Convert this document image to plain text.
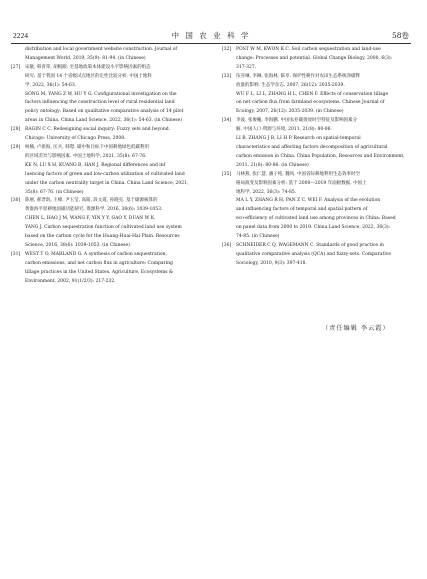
2224	中 国 农 业 科 学	58卷
distribution and local government website construction. Journal of
Management World, 2019, 35(9): 81-94. (in Chinese)
[27] 宋敏, 韩青荣, 胡根跟. 宅基地政策本体建设水平影响因素的组态
研究: 基于我国 14 个省级试点地区的定性比较分析. 中国土地科
学, 2022, 36(1): 54-63.
SONG M, YANG Z W, HU Y G. Configurational investigation on the
factors influencing the construction level of rural residential land
policy ontology: Based on qualitative comparative analysis of 14 pilot
areas in China. China Land Science, 2022, 36(1): 54-63. (in Chinese)
[28] RAGIN C C. Redesigning social inquiry: Fuzzy sets and beyond.
Chicago: University of Chicago Press, 2008.
[29] 柯楠, 卢新海, 匡兵, 韩璟. 碳中和目标下中国耕地绿色低碳利用
的区域差异与影响因素. 中国土地科学, 2021, 35(8): 67-76.
KE N, LU X H, KUANG B, HAN J. Regional differences and inf
luencing factors of green and low-carbon utilization of cultivated land
under the carbon neutrality target in China. China Land Science, 2021,
35(8): 67-76. (in Chinese)
[30] 陈展, 郝晋珉, 王峰, 尹玉莹, 高阳, 段文霞, 孙晓克. 基于碳源核算的
黄淮海平原耕地固碳功能研究. 资源科学, 2016, 38(6): 1039-1053.
CHEN L, HAO J M, WANG F, YIN Y Y, GAO Y, DUAN W K,
YANG J. Carbon sequestration function of cultivated land use system
based on the carbon cycle for the Huang-Huai-Hai Plain. Resources
Science, 2016, 38(6): 1039-1053. (in Chinese)
[31] WEST T O, MARLAND G. A synthesis of carbon sequestration,
carbon emissions, and net carbon flux in agriculture: Comparing
tillage practices in the United States. Agriculture, Ecosystems &
Environment, 2002, 91(1/2/3): 217-232.
[32] POST W M, KWON K C. Soil carbon sequestration and land-use
change: Processes and potential. Global Change Biology, 2000, 6(3):
317-327.
[33] 伍芬琳, 李琳, 张海林, 陈阜. 保护性耕作对农田生态系统净碳释
放量的影响. 生态学杂志, 2007, 26(12): 2035-2039.
WU F L, LI L, ZHANG H L, CHEN F. Effects of conservation tillage
on net carbon flux from farmland ecosystems. Chinese Journal of
Ecology, 2007, 26(12): 2035-2039. (in Chinese)
[34] 李波, 张俊飚, 李海鹏. 中国农业碳排放时空特征及影响因素分
解. 中国人口·资源与环境, 2011, 21(8): 80-86.
LI B, ZHANG J B, LI H P. Research on spatial-temporal
characteristics and affecting factors decomposition of agricultural
carbon emission in China. China Population, Resources and Environment,
2011, 21(8): 80-86. (in Chinese)
[35] 马林燕, 张仁慧, 潘子纯, 魏风. 中国省际耕地利用生态效率时空
格局演变及影响因素分析: 基于 2000—2019 年面板数据. 中国土
地科学, 2022, 36(3): 74-85.
MA L Y, ZHANG R H, PAN Z C, WEI F. Analysis of the evolution
and influencing factors of temporal and spatial pattern of
eco-efficiency of cultivated land use among provinces in China: Based
on panel data from 2000 to 2019. China Land Science, 2022, 36(3):
74-85. (in Chinese)
[36] SCHNEIDER C Q, WAGEMANN C. Standards of good practice in
qualitative comparative analysis (QCA) and fuzzy-sets. Comparative
Sociology, 2010, 9(3): 397-418.
（责任编辑 李云霞）
